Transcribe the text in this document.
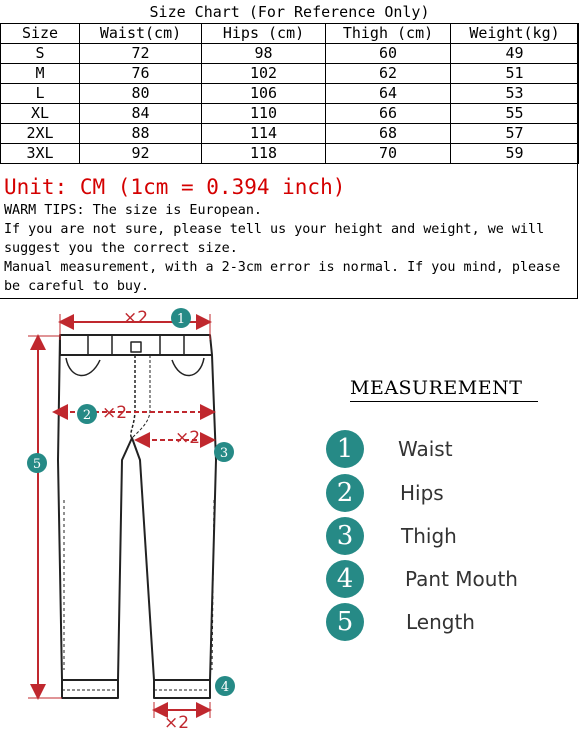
Size Chart (For Reference Only)
Size	Waist(cm)	Hips (cm)	Thigh (cm)	Weight(kg)
S	72	98	60	49
M	76	102	62	51
L	80	106	64	53
XL	84	110	66	55
2XL	88	114	68	57
3XL	92	118	70	59
Unit: CM (1cm = 0.394 inch)

WARM TIPS: The size is European.

If you are not sure, please tell us your height and weight, we will suggest you the correct size.

Manual measurement, with a 2-3cm error is normal. If you mind, please be careful to buy.

×2
×2
×2
×2
1
2
3
4
5
MEASUREMENT
1	Waist
2	Hips
3	Thigh
4	Pant Mouth
5	Length
